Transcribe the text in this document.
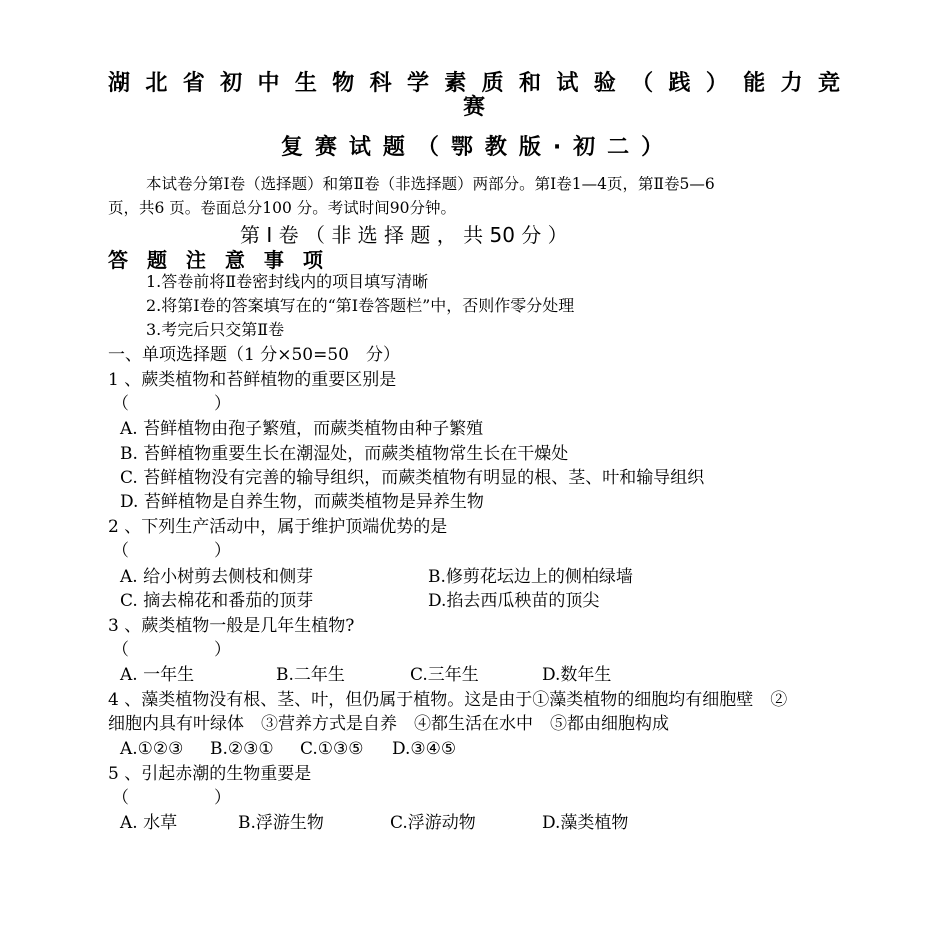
湖北省初中生物科学素质和试验（践）能力竞
赛
复赛试题（鄂教版·初二）
本试卷分第Ⅰ卷（选择题）和第Ⅱ卷（非选择题）两部分。第Ⅰ卷1—4页，第Ⅱ卷5—6
页，共6 页。卷面总分100 分。考试时间90分钟。
第 Ⅰ 卷 （ 非 选 择 题 ， 共 50 分 ）
答 题 注 意 事 项
1.答卷前将Ⅱ卷密封线内的项目填写清晰
2.将第Ⅰ卷的答案填写在的“第Ⅰ卷答题栏”中，否则作零分处理
3.考完后只交第Ⅱ卷
一、单项选择题（1 分×50=50　分）
1 、蕨类植物和苔鲜植物的重要区别是
（　　　　　）
A. 苔鲜植物由孢子繁殖，而蕨类植物由种子繁殖
B. 苔鲜植物重要生长在潮湿处，而蕨类植物常生长在干燥处
C. 苔鲜植物没有完善的输导组织，而蕨类植物有明显的根、茎、叶和输导组织
D. 苔鲜植物是自养生物，而蕨类植物是异养生物
2 、下列生产活动中，属于维护顶端优势的是
（　　　　　）
A. 给小树剪去侧枝和侧芽	B.修剪花坛边上的侧柏绿墙
C. 摘去棉花和番茄的顶芽	D.掐去西瓜秧苗的顶尖
3 、蕨类植物一般是几年生植物?
（　　　　　）
A. 一年生	B.二年生	C.三年生	D.数年生
4 、藻类植物没有根、茎、叶，但仍属于植物。这是由于①藻类植物的细胞均有细胞壁　②
细胞内具有叶绿体　③营养方式是自养　④都生活在水中　⑤都由细胞构成
A.①②③ B.②③① C.①③⑤ D.③④⑤
5 、引起赤潮的生物重要是
（　　　　　）
A. 水草	B.浮游生物	C.浮游动物	D.藻类植物
